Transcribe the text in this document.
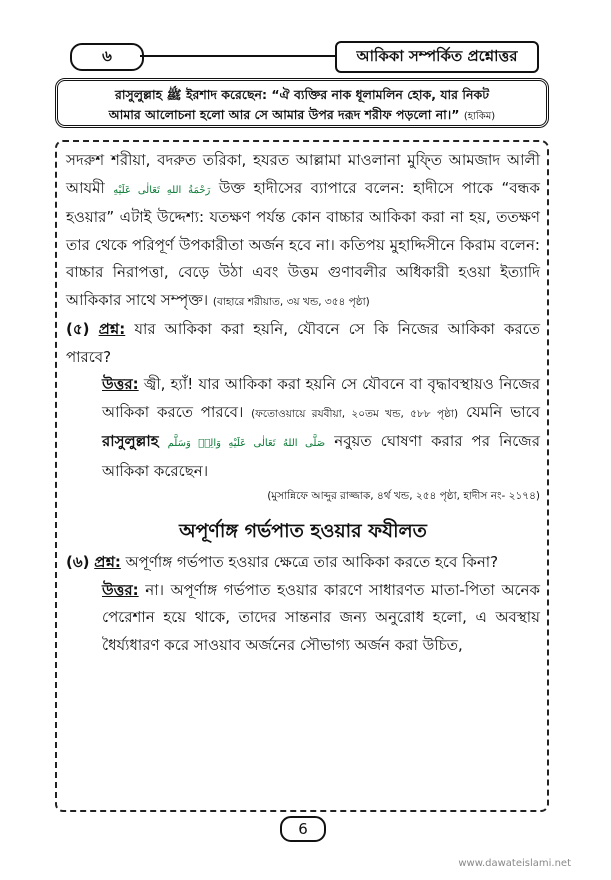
৬	আকিকা সম্পর্কিত প্রশ্নোত্তর
রাসুলুল্লাহ ﷺ ইরশাদ করেছেন: “ঐ ব্যক্তির নাক ধূলামলিন হোক, যার নিকট
আমার আলোচনা হলো আর সে আমার উপর দরূদ শরীফ পড়লো না।” (হাকিম)

সদরুশ শরীয়া, বদরুত তরিকা, হযরত আল্লামা মাওলানা মুফ্তি আমজাদ আলী আযমী رَحْمَةُ اللهِ تَعَالٰى عَلَيْهِ উক্ত হাদীসের ব্যাপারে বলেন: হাদীসে পাকে “বন্ধক হওয়ার” এটাই উদ্দেশ্য: যতক্ষণ পর্যন্ত কোন বাচ্চার আকিকা করা না হয়, ততক্ষণ তার থেকে পরিপূর্ণ উপকারীতা অর্জন হবে না। কতিপয় মুহাদ্দিসীনে কিরাম বলেন: বাচ্চার নিরাপত্তা, বেড়ে উঠা এবং উত্তম গুণাবলীর অধিকারী হওয়া ইত্যাদি আকিকার সাথে সম্পৃক্ত। (বাহারে শরীয়াত, ৩য় খন্ড, ৩৫৪ পৃষ্ঠা)

(৫) প্রশ্ন: যার আকিকা করা হয়নি, যৌবনে সে কি নিজের আকিকা করতে পারবে?

উত্তর: জ্বী, হ্যাঁ! যার আকিকা করা হয়নি সে যৌবনে বা বৃদ্ধাবস্থায়ও নিজের আকিকা করতে পারবে। (ফতোওয়ায়ে রযবীয়া, ২০তম খন্ড, ৫৮৮ পৃষ্ঠা) যেমনি ভাবে রাসুলুল্লাহ صَلَّى اللهُ تَعَالٰى عَلَيْهِ وَالِهٖ وَسَلَّم নবুয়ত ঘোষণা করার পর নিজের আকিকা করেছেন।

(মুসান্নিফে আব্দুর রাজ্জাক, ৪র্থ খন্ড, ২৫৪ পৃষ্ঠা, হাদীস নং- ২১৭৪)

অপূর্ণাঙ্গ গর্ভপাত হওয়ার ফযীলত

(৬) প্রশ্ন: অপূর্ণাঙ্গ গর্ভপাত হওয়ার ক্ষেত্রে তার আকিকা করতে হবে কিনা?

উত্তর: না। অপূর্ণাঙ্গ গর্ভপাত হওয়ার কারণে সাধারণত মাতা-পিতা অনেক পেরেশান হয়ে থাকে, তাদের সান্তনার জন্য অনুরোধ হলো, এ অবস্থায় ধৈর্য্যধারণ করে সাওয়াব অর্জনের সৌভাগ্য অর্জন করা উচিত,

6
www.dawateislami.net
